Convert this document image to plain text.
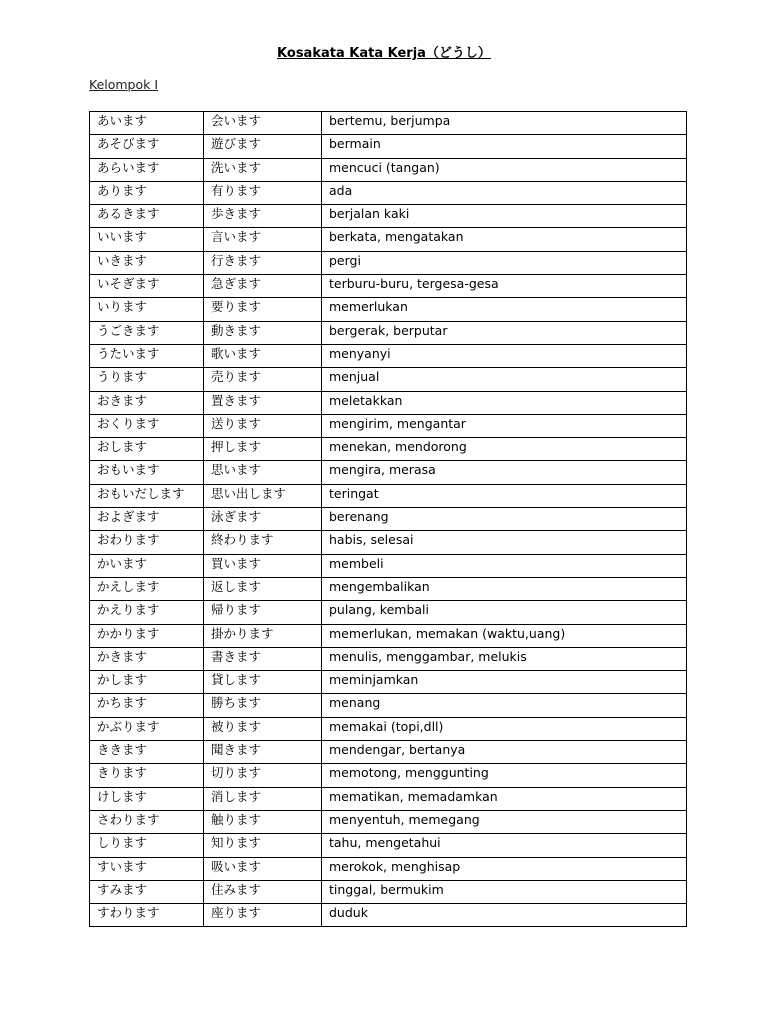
Kosakata Kata Kerja（どうし）
Kelompok I
あいます	会います	bertemu, berjumpa
あそびます	遊びます	bermain
あらいます	洗います	mencuci (tangan)
あります	有ります	ada
あるきます	歩きます	berjalan kaki
いいます	言います	berkata, mengatakan
いきます	行きます	pergi
いそぎます	急ぎます	terburu-buru, tergesa-gesa
いります	要ります	memerlukan
うごきます	動きます	bergerak, berputar
うたいます	歌います	menyanyi
うります	売ります	menjual
おきます	置きます	meletakkan
おくります	送ります	mengirim, mengantar
おします	押します	menekan, mendorong
おもいます	思います	mengira, merasa
おもいだします	思い出します	teringat
およぎます	泳ぎます	berenang
おわります	終わります	habis, selesai
かいます	買います	membeli
かえします	返します	mengembalikan
かえります	帰ります	pulang, kembali
かかります	掛かります	memerlukan, memakan (waktu,uang)
かきます	書きます	menulis, menggambar, melukis
かします	貸します	meminjamkan
かちます	勝ちます	menang
かぶります	被ります	memakai (topi,dll)
ききます	聞きます	mendengar, bertanya
きります	切ります	memotong, menggunting
けします	消します	mematikan, memadamkan
さわります	触ります	menyentuh, memegang
しります	知ります	tahu, mengetahui
すいます	吸います	merokok, menghisap
すみます	住みます	tinggal, bermukim
すわります	座ります	duduk
